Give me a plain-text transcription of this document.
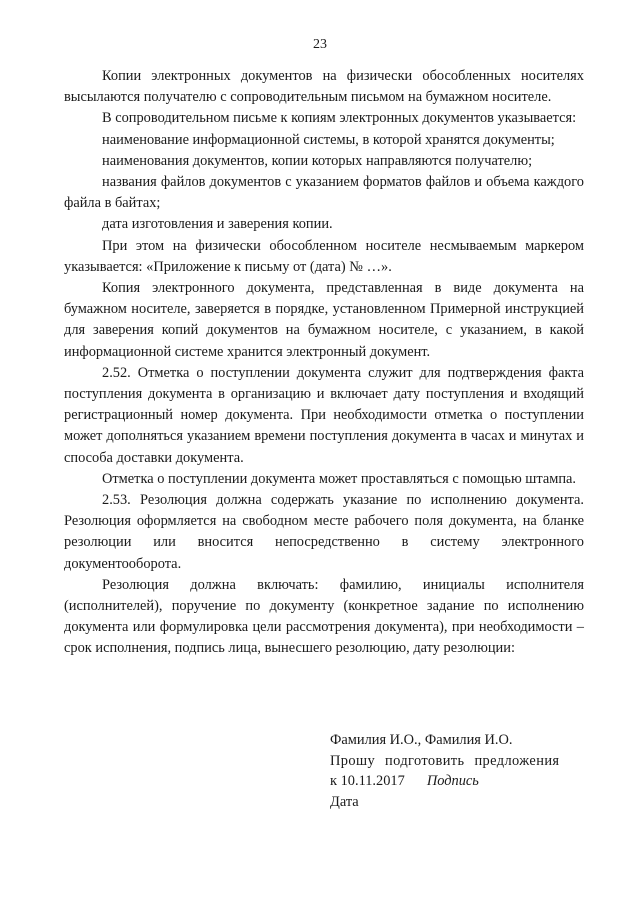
23

Копии электронных документов на физически обособленных носителях высылаются получателю с сопроводительным письмом на бумажном носителе.

В сопроводительном письме к копиям электронных документов указывается:

наименование информационной системы, в которой хранятся документы;

наименования документов, копии которых направляются получателю;

названия файлов документов с указанием форматов файлов и объема каждого файла в байтах;

дата изготовления и заверения копии.

При этом на физически обособленном носителе несмываемым маркером указывается: «Приложение к письму от (дата) № …».

Копия электронного документа, представленная в виде документа на бумажном носителе, заверяется в порядке, установленном Примерной инструкцией для заверения копий документов на бумажном носителе, с указанием, в какой информационной системе хранится электронный документ.

2.52. Отметка о поступлении документа служит для подтверждения факта поступления документа в организацию и включает дату поступления и входящий регистрационный номер документа. При необходимости отметка о поступлении может дополняться указанием времени поступления документа в часах и минутах и способа доставки документа.

Отметка о поступлении документа может проставляться с помощью штампа.

2.53. Резолюция должна содержать указание по исполнению документа. Резолюция оформляется на свободном месте рабочего поля документа, на бланке резолюции или вносится непосредственно в систему электронного документооборота.

Резолюция должна включать: фамилию, инициалы исполнителя (исполнителей), поручение по документу (конкретное задание по исполнению документа или формулировка цели рассмотрения документа), при необходимости – срок исполнения, подпись лица, вынесшего резолюцию, дату резолюции:

Фамилия И.О., Фамилия И.О.
Прошу подготовить предложения
к 10.11.2017 Подпись
Дата
